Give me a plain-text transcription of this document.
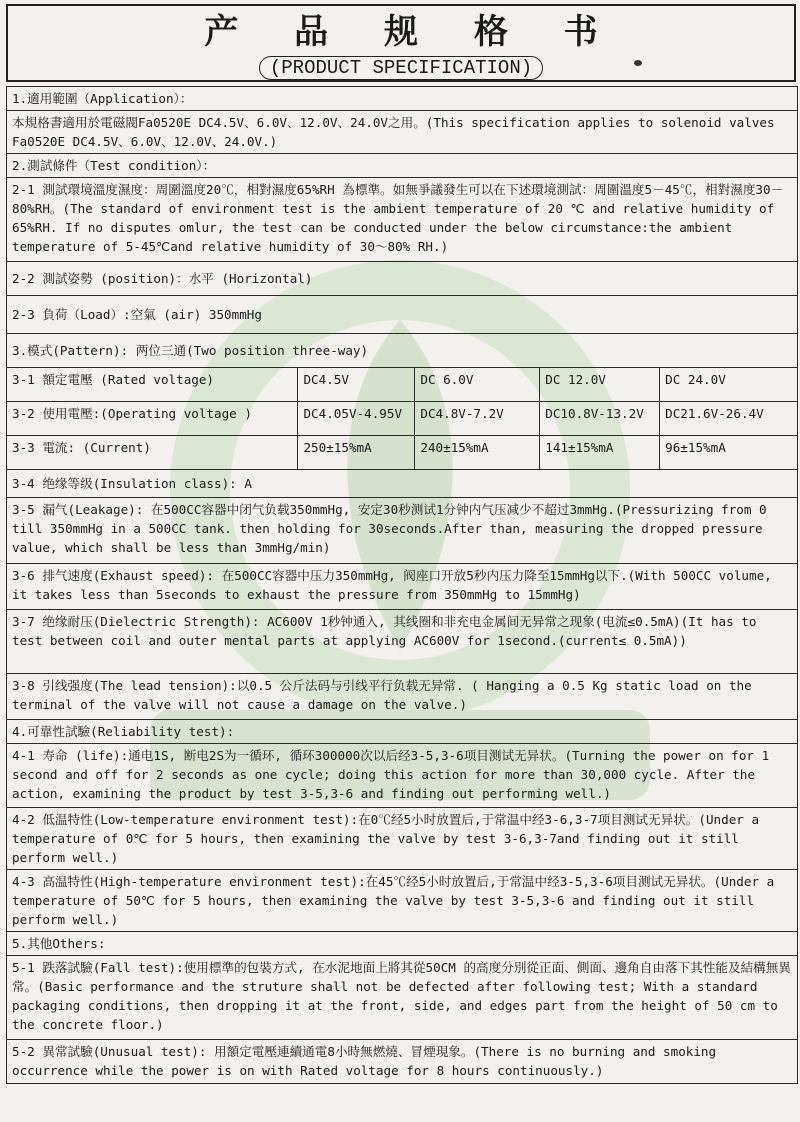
产 品 规 格 书
(PRODUCT SPECIFICATION)
1.適用範圍（Application）：				
本規格書適用於電磁閥Fa0520E DC4.5V、6.0V、12.0V、24.0V之用。(This specification applies to solenoid valves Fa0520E DC4.5V、6.0V、12.0V、24.0V.)				
2.測試條件（Test condition）：				
2-1 測試環境溫度濕度：周圍溫度20℃，相對濕度65%RH 為標準。如無爭議發生可以在下述環境測試：周圍溫度5－45℃，相對濕度30－80%RH。(The standard of environment test is the ambient temperature of 20 ℃ and relative humidity of 65%RH. If no disputes omlur, the test can be conducted under the below circumstance:the ambient temperature of 5-45℃and relative humidity of 30～80% RH.)				
2-2 測試姿勢 (position)：水平 (Horizontal)				
2-3 負荷（Load）:空氣 (air) 350mmHg				
3.模式(Pattern): 两位三通(Two position three-way)				
3-1 額定電壓 (Rated voltage)	DC4.5V	DC 6.0V	DC 12.0V	DC 24.0V
3-2 使用電壓:(Operating voltage )	DC4.05V-4.95V	DC4.8V-7.2V	DC10.8V-13.2V	DC21.6V-26.4V
3-3 電流: (Current)	250±15%mA	240±15%mA	141±15%mA	96±15%mA
3-4 绝缘等级(Insulation class): A				
3-5 漏气(Leakage): 在500CC容器中闭气负载350mmHg, 安定30秒测试1分钟内气压减少不超过3mmHg.(Pressurizing from 0 till 350mmHg in a 500CC tank. then holding for 30seconds.After than, measuring the dropped pressure value, which shall be less than 3mmHg/min)				
3-6 排气速度(Exhaust speed): 在500CC容器中压力350mmHg, 阀座口开放5秒内压力降至15mmHg以下.(With 500CC volume, it takes less than 5seconds to exhaust the pressure from 350mmHg to 15mmHg)				
3-7 绝缘耐压(Dielectric Strength): AC600V 1秒钟通入, 其线圈和非充电金属间无异常之现象(电流≤0.5mA)(It has to test between coil and outer mental parts at applying AC600V for 1second.(current≤ 0.5mA))				
3-8 引线强度(The lead tension):以0.5 公斤法码与引线平行负载无异常. ( Hanging a 0.5 Kg static load on the terminal of the valve will not cause a damage on the valve.)				
4.可靠性試驗(Reliability test):				
4-1 寿命 (life):通电1S, 断电2S为一循环, 循环300000次以后经3-5,3-6项目测试无异状。(Turning the power on for 1 second and off for 2 seconds as one cycle; doing this action for more than 30,000 cycle. After the action, examining the product by test 3-5,3-6 and finding out performing well.)				
4-2 低温特性(Low-temperature environment test):在0℃经5小时放置后,于常温中经3-6,3-7项目测试无异状。(Under a temperature of 0℃ for 5 hours, then examining the valve by test 3-6,3-7and finding out it still perform well.)				
4-3 高温特性(High-temperature environment test):在45℃经5小时放置后,于常温中经3-5,3-6项目测试无异状。(Under a temperature of 50℃ for 5 hours, then examining the valve by test 3-5,3-6 and finding out it still perform well.)				
5.其他Others:				
5-1 跌落試驗(Fall test):使用標準的包裝方式, 在水泥地面上將其從50CM 的高度分別從正面、側面、邊角自由落下其性能及結構無異常。(Basic performance and the struture shall not be defected after following test; With a standard packaging conditions, then dropping it at the front, side, and edges part from the height of 50 cm to the concrete floor.)				
5-2 異常試驗(Unusual test): 用額定電壓連續通電8小時無燃燒、冒煙現象。(There is no burning and smoking occurrence while the power is on with Rated voltage for 8 hours continuously.)				
